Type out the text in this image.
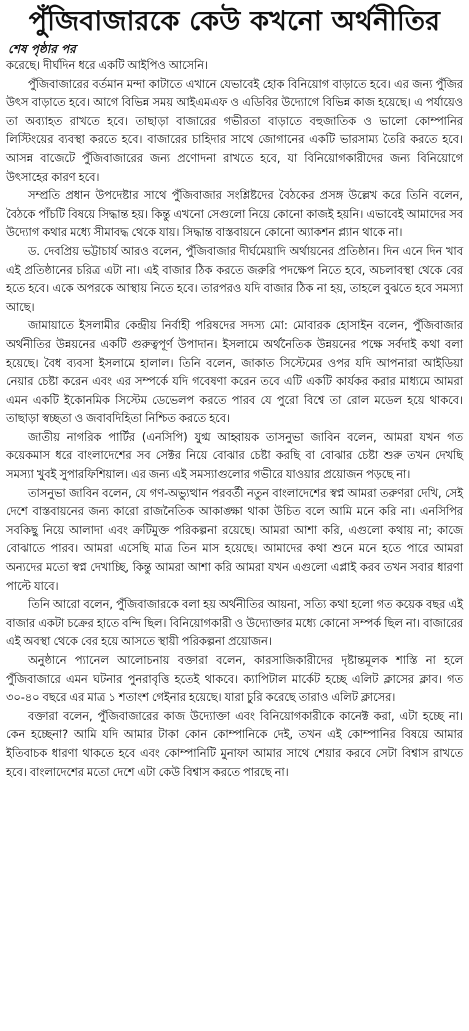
পুঁজিবাজারকে কেউ কখনো অর্থনীতির

শেষ পৃষ্ঠার পর

করেছে। দীর্ঘদিন ধরে একটি আইপিও আসেনি।

পুঁজিবাজারের বর্তমান মন্দা কাটাতে এখানে যেভাবেই হোক বিনিয়োগ বাড়াতে হবে। এর জন্য পুঁজির উৎস বাড়াতে হবে। আগে বিভিন্ন সময় আইএমএফ ও এডিবির উদ্যোগে বিভিন্ন কাজ হয়েছে। এ পর্যায়েও তা অব্যাহত রাখতে হবে। তাছাড়া বাজারের গভীরতা বাড়াতে বহুজাতিক ও ভালো কোম্পানির লিস্টিংয়ের ব্যবস্থা করতে হবে। বাজারের চাহিদার সাথে জোগানের একটি ভারসাম্য তৈরি করতে হবে। আসন্ন বাজেটে পুঁজিবাজারের জন্য প্রণোদনা রাখতে হবে, যা বিনিয়োগকারীদের জন্য বিনিয়োগে উৎসাহের কারণ হবে।

সম্প্রতি প্রধান উপদেষ্টার সাথে পুঁজিবাজার সংশ্লিষ্টদের বৈঠকের প্রসঙ্গ উল্লেখ করে তিনি বলেন, বৈঠকে পাঁচটি বিষয়ে সিদ্ধান্ত হয়। কিন্তু এখনো সেগুলো নিয়ে কোনো কাজই হয়নি। এভাবেই আমাদের সব উদ্যোগ কথার মধ্যে সীমাবদ্ধ থেকে যায়। সিদ্ধান্ত বাস্তবায়নে কোনো অ্যাকশন প্ল্যান থাকে না।

ড. দেবপ্রিয় ভট্টাচার্য আরও বলেন, পুঁজিবাজার দীর্ঘমেয়াদি অর্থায়নের প্রতিষ্ঠান। দিন এনে দিন খাব এই প্রতিষ্ঠানের চরিত্র এটা না। এই বাজার ঠিক করতে জরুরি পদক্ষেপ নিতে হবে, অচলাবস্থা থেকে বের হতে হবে। একে অপরকে আস্থায় নিতে হবে। তারপরও যদি বাজার ঠিক না হয়, তাহলে বুঝতে হবে সমস্যা আছে।

জামায়াতে ইসলামীর কেন্দ্রীয় নির্বাহী পরিষদের সদস্য মো: মোবারক হোসাইন বলেন, পুঁজিবাজার অর্থনীতির উন্নয়নের একটি গুরুত্বপূর্ণ উপাদান। ইসলামে অর্থনৈতিক উন্নয়নের পক্ষে সর্বদাই কথা বলা হয়েছে। বৈধ ব্যবসা ইসলামে হালাল। তিনি বলেন, জাকাত সিস্টেমের ওপর যদি আপনারা আইডিয়া নেয়ার চেষ্টা করেন এবং এর সম্পর্কে যদি গবেষণা করেন তবে এটি একটি কার্যকর করার মাধ্যমে আমরা এমন একটি ইকোনমিক সিস্টেম ডেভেলপ করতে পারব যে পুরো বিশ্বে তা রোল মডেল হয়ে থাকবে। তাছাড়া স্বচ্ছতা ও জবাবদিহিতা নিশ্চিত করতে হবে।

জাতীয় নাগরিক পার্টির (এনসিপি) যুগ্ম আহ্বায়ক তাসনুভা জাবিন বলেন, আমরা যখন গত কয়েকমাস ধরে বাংলাদেশের সব সেক্টর নিয়ে বোঝার চেষ্টা করছি বা বোঝার চেষ্টা শুরু তখন দেখছি সমস্যা খুবই সুপারফিশিয়াল। এর জন্য এই সমস্যাগুলোর গভীরে যাওয়ার প্রয়োজন পড়ছে না।

তাসনুভা জাবিন বলেন, যে গণ-অভ্যুত্থান পরবর্তী নতুন বাংলাদেশের স্বপ্ন আমরা তরুণরা দেখি, সেই দেশে বাস্তবায়নের জন্য কারো রাজনৈতিক আকাঙ্ক্ষা থাকা উচিত বলে আমি মনে করি না। এনসিপির সবকিছু নিয়ে আলাদা এবং ক্রটিমুক্ত পরিকল্পনা রয়েছে। আমরা আশা করি, এগুলো কথায় না; কাজে বোঝাতে পারব। আমরা এসেছি মাত্র তিন মাস হয়েছে। আমাদের কথা শুনে মনে হতে পারে আমরা অন্যদের মতো স্বপ্ন দেখাচ্ছি, কিন্তু আমরা আশা করি আমরা যখন এগুলো এপ্লাই করব তখন সবার ধারণা পাল্টে যাবে।

তিনি আরো বলেন, পুঁজিবাজারকে বলা হয় অর্থনীতির আয়না, সত্যি কথা হলো গত কয়েক বছর এই বাজার একটা চক্রের হাতে বন্দি ছিল। বিনিয়োগকারী ও উদ্যোক্তার মধ্যে কোনো সম্পর্ক ছিল না। বাজারের এই অবস্থা থেকে বের হয়ে আসতে স্থায়ী পরিকল্পনা প্রয়োজন।

অনুষ্ঠানে প্যানেল আলোচনায় বক্তারা বলেন, কারসাজিকারীদের দৃষ্টান্তমূলক শাস্তি না হলে পুঁজিবাজারে এমন ঘটনার পুনরাবৃত্তি হতেই থাকবে। ক্যাপিটাল মার্কেট হচ্ছে এলিট ক্লাসের ক্লাব। গত ৩০-৪০ বছরে এর মাত্র ১ শতাংশ গেইনার হয়েছে। যারা চুরি করেছে তারাও এলিট ক্লাসের।

বক্তারা বলেন, পুঁজিবাজারের কাজ উদ্যোক্তা এবং বিনিয়োগকারীকে কানেক্ট করা, এটা হচ্ছে না। কেন হচ্ছেনা? আমি যদি আমার টাকা কোন কোম্পানিকে দেই, তখন এই কোম্পানির বিষয়ে আমার ইতিবাচক ধারণা থাকতে হবে এবং কোম্পানিটি মুনাফা আমার সাথে শেয়ার করবে সেটা বিশ্বাস রাখতে হবে। বাংলাদেশের মতো দেশে এটা কেউ বিশ্বাস করতে পারছে না।
